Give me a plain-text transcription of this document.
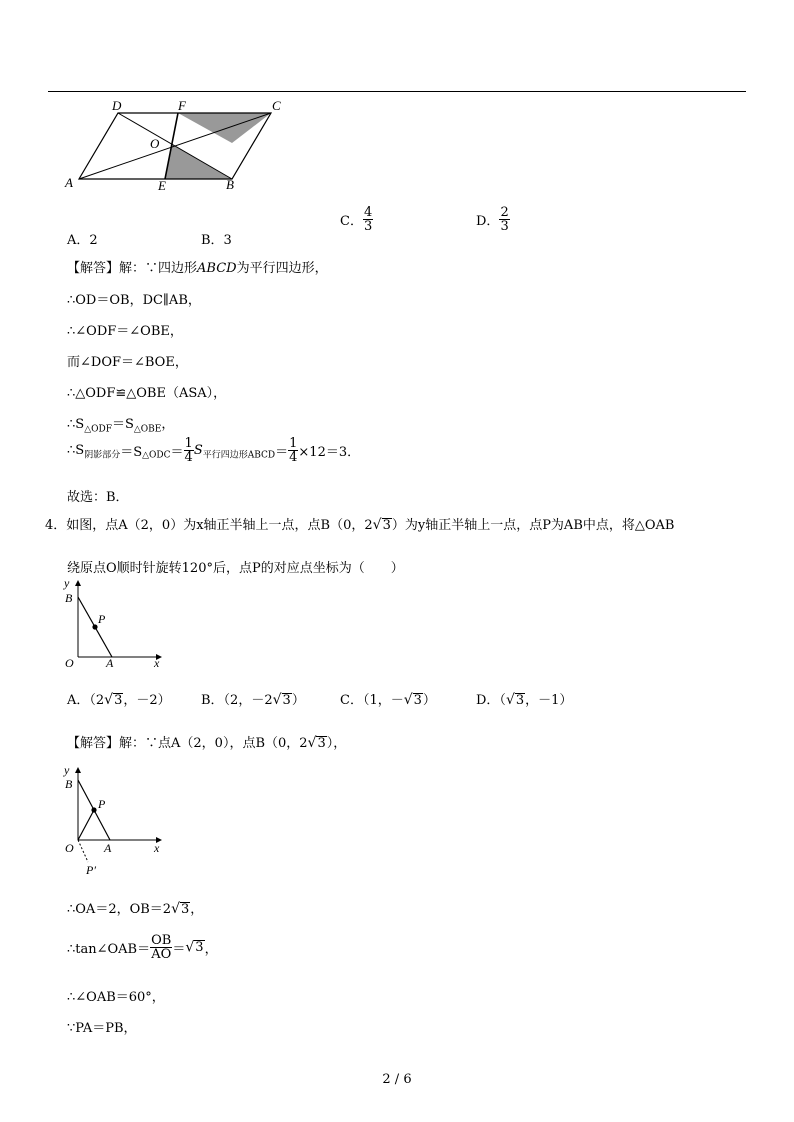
D	F	C
O
A	E	B
A．2	B．3
C． $\frac{4}{3}$	D． $\frac{2}{3}$
【解答】解：∵四边形ABCD为平行四边形，
∴OD＝OB，DC∥AB，
∴∠ODF＝∠OBE，
而∠DOF＝∠BOE，
∴△ODF≌△OBE（ASA），
$\therefore S_{\triangle ODF}=S_{\triangle OBE}$，
$\therefore S_{阴影部分}=S_{\triangle ODC}= \frac{1}{4} S_{平行四边形ABCD}= \frac{1}{4} \times 12=3$．
故选：B．
4．如图，点A（2，0）为x轴正半轴上一点，点B（0，2√3）为y轴正半轴上一点，点P为AB中点，将△OAB
绕原点O顺时针旋转120°后，点P的对应点坐标为（　　）
y
B
P
O	A	x
A．（2√3，－2） B．（2，－2√3）	C．（1，－√3）	D．（√3，－1）
【解答】解：∵点A（2，0），点B（0，2√3），
y
B
P
O	A	x
P′
∴OA＝2，OB＝2√3，
∴tan∠OAB＝ $\frac{OB}{AO} =√3$，
∴∠OAB＝60°，
∵PA＝PB，
2 / 6
